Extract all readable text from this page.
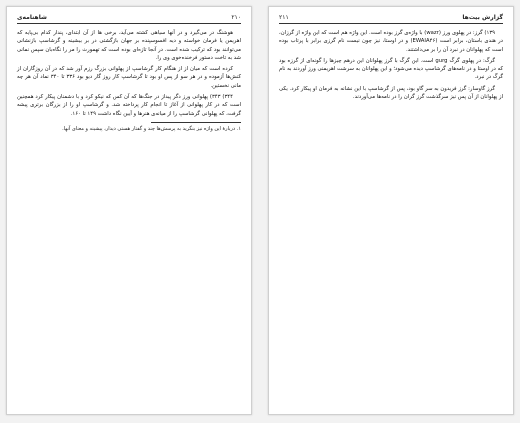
۲۱۰
شاهنامه‌ی

هوشنگ در می‌گیرد و در آنها سیاهی کشته می‌آید، برخی ها از آن ابتدای، پندار کدام بی‌پایه که اهریمن یا فرمان خواسته و دیه افسوسپنده بر جهان بازگشتی در بر بیشینه و گرشاسپ بازنشانی می‌توانند بود که ترکیب شده است. در آنجا تازه‌ای بوده است که تهمورث را مر را نگاه‌بان سپس نمانی شد به تاخت دستور فرخنده‌خوی وی را.

کرده است که میان از از هنگام کار گرشاسپ از پهلوانی بزرگ رزم آور شد که در آن روزگاران از کنش‌ها آزموده و در هر سو از پس او بود تا گرشاسپ کار روز گار دیو بود ۳۳۶ تا ۳۴۰ نماد آن هر چه مانی نخستین.

۳۴۴) ۳۴۳) پهلوانی ورز دگر پیداز در جنگ‌ها که آن کس که نیکو کرد و با دشمنان پیکار کرد همچنین است که در کار پهلوانی از آغاز تا انجام کار پرداخته شد. و گرشاسپ او را از بزرگان برتری پیشه گرفت، که پهلوانی گرشاسپ را از میانه‌ی هنرها و آیین نگاه داشت ۱۴۹ تا ۱۶۰.

۱. دربارهٔ این واژه نیز بنگرید به پرسش‌ها چند و گفتار هستی دیدار، پیشینه و معنای آنها.
گزارش بیت‌ها
۲۱۱

۱۳۹) گرز: در پهلوی ورز (wazr) با واژه‌ی گرز بوده است. این واژه هم است که این واژه از گرزان، در هندی باستان، برابر است (EWAIA۴۶) و در اوستا، نیز چون نیست نام گرزی برابر با پرتاب بوده است که پهلوانان در نبرد آن را بر می‌داشتند.

گرگ: در پهلوی گرگ gurg است. این گرگ با گرز پهلوانان این درهم چیزها را گونه‌ای از گرزه بود که در اوستا و در نامه‌های گرشاسپ دیده می‌شود؛ و این پهلوانان به سرشت اهریمنی ورز آوردند به نام گرگ در نبرد.

گرز گاوسار: گرز فریدون به سر گاو بود، پس از گرشاسپ با این نشانه به فرمان او پیکار کرد. یکی از پهلوانان از آن پس نیز سرگذشت گرز گران را در نامه‌ها می‌آوردند.
